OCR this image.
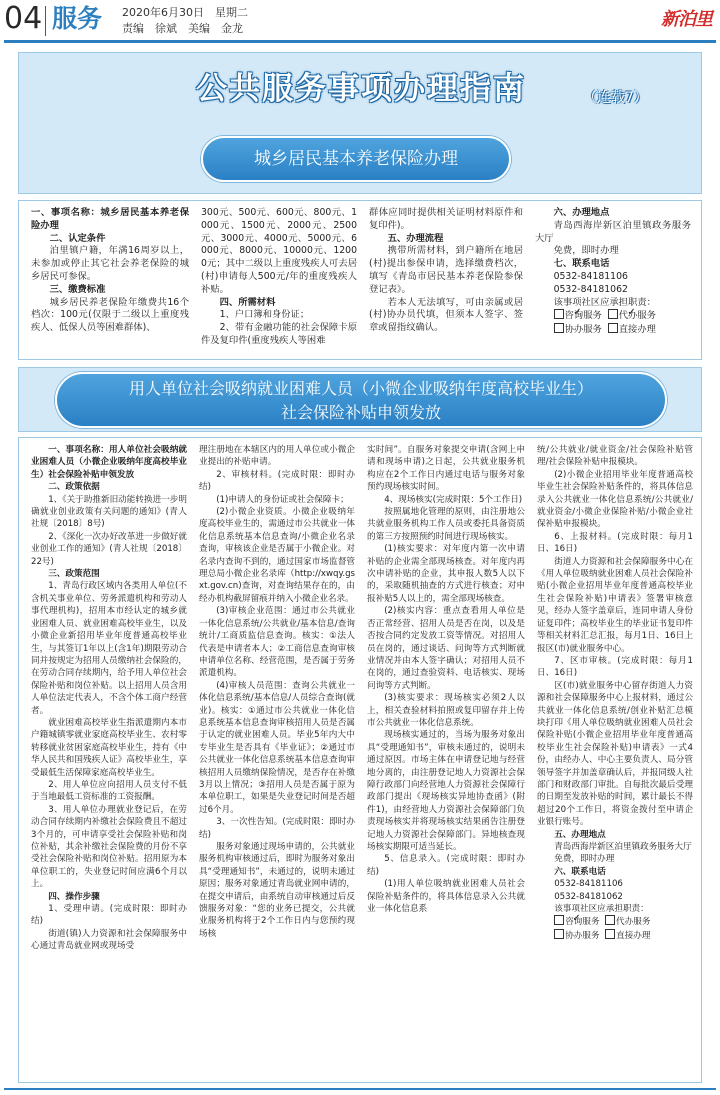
04 服务 2020年6月30日　星期二
责编　徐斌　美编　金龙	新泊里
公共服务事项办理指南	（连载7）
城乡居民基本养老保险办理

一、事项名称：城乡居民基本养老保险办理

二、认定条件

泊里镇户籍，年满16周岁以上，未参加或停止其它社会养老保险的城乡居民可参保。

三、缴费标准

城乡居民养老保险年缴费共16个档次：100元(仅限于二级以上重度残疾人、低保人员等困难群体)、

300元、500元、600元、800元、1000元、1500元、2000元、2500元、3000元、4000元、5000元、6000元、8000元、10000元、12000元；其中二级以上重度残疾人可去居(村)申请每人500元/年的重度残疾人补贴。

四、所需材料

1、户口簿和身份证；

2、带有金融功能的社会保障卡原件及复印件(重度残疾人等困难

群体应同时提供相关证明材料原件和复印件)。

五、办理流程

携带所需材料，到户籍所在地居(村)提出参保申请，选择缴费档次，填写《青岛市居民基本养老保险参保登记表》。

若本人无法填写，可由亲属或居(村)协办员代填，但须本人签字、签章或留指纹确认。

六、办理地点

青岛西海岸新区泊里镇政务服务大厅

免费，即时办理

七、联系电话

0532-84181106

0532-84181062

该事项社区应承担职责：

✓咨询服务  ✓ 代办服务

协办服务 直接办理

用人单位社会吸纳就业困难人员（小微企业吸纳年度高校毕业生）
社会保险补贴申领发放

一、事项名称：用人单位社会吸纳就业困难人员（小微企业吸纳年度高校毕业生）社会保险补贴申领发放

二、政策依据

1、《关于助推新旧动能转换进一步明确就业创业政策有关问题的通知》(青人社规〔2018〕8号)

2、《深化一次办好改革进一步做好就业创业工作的通知》(青人社规〔2018〕22号)

三、政策范围

1、青岛行政区域内各类用人单位(不含机关事业单位、劳务派遣机构和劳动人事代理机构)，招用本市经认定的城乡就业困难人员、就业困难高校毕业生，以及小微企业新招用毕业年度普通高校毕业生，与其签订1年以上(含1年)期限劳动合同并按规定为招用人员缴纳社会保险的，在劳动合同存续期内，给予用人单位社会保险补贴和岗位补贴。以上招用人员含用人单位法定代表人，不含个体工商户经营者。

就业困难高校毕业生指派遣期内本市户籍城镇零就业家庭高校毕业生、农村零转移就业贫困家庭高校毕业生，持有《中华人民共和国残疾人证》高校毕业生，享受最低生活保障家庭高校毕业生。

2、用人单位应向招用人员支付不低于当地最低工资标准的工资报酬。

3、用人单位办理就业登记后，在劳动合同存续期内补缴社会保险费且不超过3个月的，可申请享受社会保险补贴和岗位补贴，其余补缴社会保险费的月份不享受社会保险补贴和岗位补贴。招用原为本单位职工的，失业登记时间应满6个月以上。

四、操作步骤

1、受理申请。(完成时限：即时办结)

街道(镇)人力资源和社会保障服务中心通过青岛就业网或现场受

理注册地在本辖区内的用人单位或小微企业提出的补贴申请。

2、审核材料。(完成时限：即时办结)

(1)申请人的身份证或社会保障卡；

(2)小微企业资质。小微企业吸纳年度高校毕业生的，需通过市公共就业一体化信息系统基本信息查询/小微企业名录查询，审核该企业是否属于小微企业。对名录内查询不到的，通过国家市场监督管理总局小微企业名录库（http://xwqy.gsxt.gov.cn)查询，对查询结果存在的，由经办机构截屏留痕并纳入小微企业名录。

(3)审核企业范围：通过市公共就业一体化信息系统/公共就业/基本信息/查询统计/工商质监信息查询。核实：①法人代表是申请者本人；②工商信息查询审核申请单位名称、经营范围，是否属于劳务派遣机构。

(4)审核人员范围：查询公共就业一体化信息系统/基本信息/人员综合查询(就业)。核实：①通过市公共就业一体化信息系统基本信息查询审核招用人员是否属于认定的就业困难人员。毕业5年内大中专毕业生是否具有《毕业证》；②通过市公共就业一体化信息系统基本信息查询审核招用人员缴纳保险情况，是否存在补缴3月以上情况；③招用人员是否属于原为本单位职工，如果是失业登记时间是否超过6个月。

3、一次性告知。(完成时限：即时办结)

服务对象通过现场申请的，公共就业服务机构审核通过后，即时为服务对象出具“受理通知书”，未通过的，说明未通过原因；服务对象通过青岛就业网申请的，在提交申请后，由系统自动审核通过后反馈服务对象：“您的业务已提交，公共就业服务机构将于2个工作日内与您预约现场核

实时间”。自服务对象提交申请(含网上申请和现场申请)之日起，公共就业服务机构应在2个工作日内通过电话与服务对象预约现场核实时间。

4、现场核实(完成时限：5个工作日)

按照属地化管理的原则，由注册地公共就业服务机构工作人员或委托具备资质的第三方按照预约时间进行现场核实。

(1)核实要求：对年度内第一次申请补贴的企业需全部现场核查。对年度内再次申请补贴的企业，其申报人数5人以下的，采取随机抽查的方式进行核查；对申报补贴5人以上的，需全部现场核查。

(2)核实内容：重点查看用人单位是否正常经营、招用人员是否在岗，以及是否按合同约定发放工资等情况。对招用人员在岗的，通过谈话、问询等方式判断就业情况并由本人签字确认；对招用人员不在岗的，通过查验资料、电话核实、现场问询等方式判断。

(3)核实要求：现场核实必须2人以上，相关查验材料拍照或复印留存并上传市公共就业一体化信息系统。

现场核实通过的，当场为服务对象出具“受理通知书”，审核未通过的，说明未通过原因。市场主体在申请登记地与经营地分离的，由注册登记地人力资源社会保障行政部门向经营地人力资源社会保障行政部门提出《现场核实异地协查函》(附件1)，由经营地人力资源社会保障部门负责现场核实并将现场核实结果函告注册登记地人力资源社会保障部门。异地核查现场核实期限可适当延长。

5、信息录入。(完成时限：即时办结)

(1)用人单位吸纳就业困难人员社会保险补贴条件的，将具体信息录入公共就业一体化信息系

统/公共就业/就业资金/社会保险补贴管理/社会保险补贴申报模块。

(2)小微企业招用毕业年度普通高校毕业生社会保险补贴条件的，将具体信息录入公共就业一体化信息系统/公共就业/就业资金/小微企业保险补贴/小微企业社保补贴申报模块。

6、上报材料。(完成时限：每月1日、16日)

街道人力资源和社会保障服务中心在《用人单位吸纳就业困难人员社会保险补贴(小微企业招用毕业年度普通高校毕业生社会保险补贴)申请表》签署审核意见，经办人签字盖章后，连同申请人身份证复印件；高校毕业生的毕业证书复印件等相关材料汇总汇报，每月1日、16日上报区(市)就业服务中心。

7、区市审核。(完成时限：每月1日、16日)

区(市)就业服务中心留存街道人力资源和社会保障服务中心上报材料，通过公共就业一体化信息系统/创业补贴汇总模块打印《用人单位吸纳就业困难人员社会保险补贴(小微企业招用毕业年度普通高校毕业生社会保险补贴)申请表》一式4份，由经办人、中心主要负责人、局分管领导签字并加盖章确认后，并报同级人社部门和财政部门审批。自每批次最后受理的日期至发放补贴的时间，累计最长不得超过20个工作日，将资金拨付至申请企业银行账号。

五、办理地点

青岛西海岸新区泊里镇政务服务大厅

免费，即时办理

六、联系电话

0532-84181106

0532-84181062

该事项社区应承担职责：

✓咨询服务 代办服务

协办服务 直接办理
